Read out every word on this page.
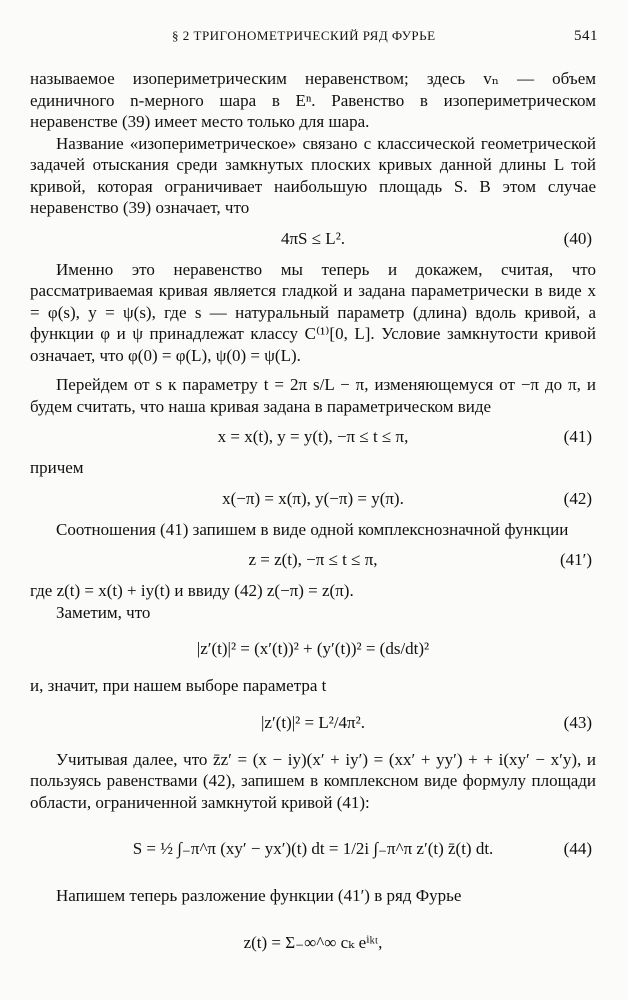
§ 2 ТРИГОНОМЕТРИЧЕСКИЙ РЯД ФУРЬЕ	541

называемое изопериметрическим неравенством; здесь vₙ — объем единичного n-мерного шара в Eⁿ. Равенство в изопериметрическом неравенстве (39) имеет место только для шара.

Название «изопериметрическое» связано с классической геометрической задачей отыскания среди замкнутых плоских кривых данной длины L той кривой, которая ограничивает наибольшую площадь S. В этом случае неравенство (39) означает, что

4πS ≤ L².	(40)

Именно это неравенство мы теперь и докажем, считая, что рассматриваемая кривая является гладкой и задана параметрически в виде x = φ(s), y = ψ(s), где s — натуральный параметр (длина) вдоль кривой, а функции φ и ψ принадлежат классу C⁽¹⁾[0, L]. Условие замкнутости кривой означает, что φ(0) = φ(L), ψ(0) = ψ(L).

Перейдем от s к параметру t = 2π s/L − π, изменяющемуся от −π до π, и будем считать, что наша кривая задана в параметрическом виде

x = x(t), y = y(t), −π ≤ t ≤ π,	(41)

причем

x(−π) = x(π), y(−π) = y(π).	(42)

Соотношения (41) запишем в виде одной комплекснозначной функции

z = z(t), −π ≤ t ≤ π,	(41′)

где z(t) = x(t) + iy(t) и ввиду (42) z(−π) = z(π).

Заметим, что

|z′(t)|² = (x′(t))² + (y′(t))² = (ds/dt)²

и, значит, при нашем выборе параметра t

|z′(t)|² = L²/4π².	(43)

Учитывая далее, что z̄z′ = (x − iy)(x′ + iy′) = (xx′ + yy′) + + i(xy′ − x′y), и пользуясь равенствами (42), запишем в комплексном виде формулу площади области, ограниченной замкнутой кривой (41):

S = ½ ∫₋π^π (xy′ − yx′)(t) dt = 1/2i ∫₋π^π z′(t) z̄(t) dt.	(44)

Напишем теперь разложение функции (41′) в ряд Фурье

z(t) = Σ₋∞^∞ cₖ eⁱᵏᵗ,
